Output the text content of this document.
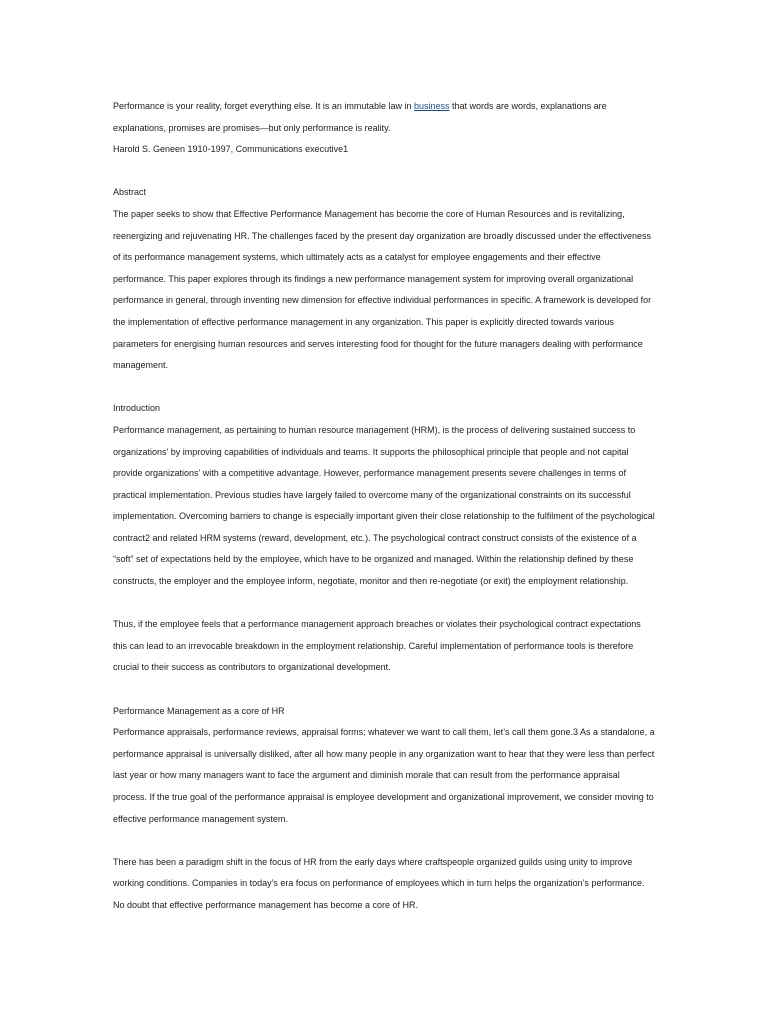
Performance is your reality, forget everything else. It is an immutable law in business that words are words, explanations are explanations, promises are promises—but only performance is reality.

Harold S. Geneen 1910-1997, Communications executive1

Abstract

The paper seeks to show that Effective Performance Management has become the core of Human Resources and is revitalizing, reenergizing and rejuvenating HR. The challenges faced by the present day organization are broadly discussed under the effectiveness of its performance management systems, which ultimately acts as a catalyst for employee engagements and their effective performance. This paper explores through its findings a new performance management system for improving overall organizational performance in general, through inventing new dimension for effective individual performances in specific. A framework is developed for the implementation of effective performance management in any organization. This paper is explicitly directed towards various parameters for energising human resources and serves interesting food for thought for the future managers dealing with performance management.

Introduction

Performance management, as pertaining to human resource management (HRM), is the process of delivering sustained success to organizations’ by improving capabilities of individuals and teams. It supports the philosophical principle that people and not capital provide organizations’ with a competitive advantage. However, performance management presents severe challenges in terms of practical implementation. Previous studies have largely failed to overcome many of the organizational constraints on its successful implementation. Overcoming barriers to change is especially important given their close relationship to the fulfilment of the psychological contract2 and related HRM systems (reward, development, etc.). The psychological contract construct consists of the existence of a “soft” set of expectations held by the employee, which have to be organized and managed. Within the relationship defined by these constructs, the employer and the employee inform, negotiate, monitor and then re-negotiate (or exit) the employment relationship.

Thus, if the employee feels that a performance management approach breaches or violates their psychological contract expectations this can lead to an irrevocable breakdown in the employment relationship. Careful implementation of performance tools is therefore crucial to their success as contributors to organizational development.

Performance Management as a core of HR

Performance appraisals, performance reviews, appraisal forms; whatever we want to call them, let’s call them gone.3 As a standalone, a performance appraisal is universally disliked, after all how many people in any organization want to hear that they were less than perfect last year or how many managers want to face the argument and diminish morale that can result from the performance appraisal process. If the true goal of the performance appraisal is employee development and organizational improvement, we consider moving to effective performance management system.

There has been a paradigm shift in the focus of HR from the early days where craftspeople organized guilds using unity to improve working conditions. Companies in today’s era focus on performance of employees which in turn helps the organization’s performance. No doubt that effective performance management has become a core of HR.
